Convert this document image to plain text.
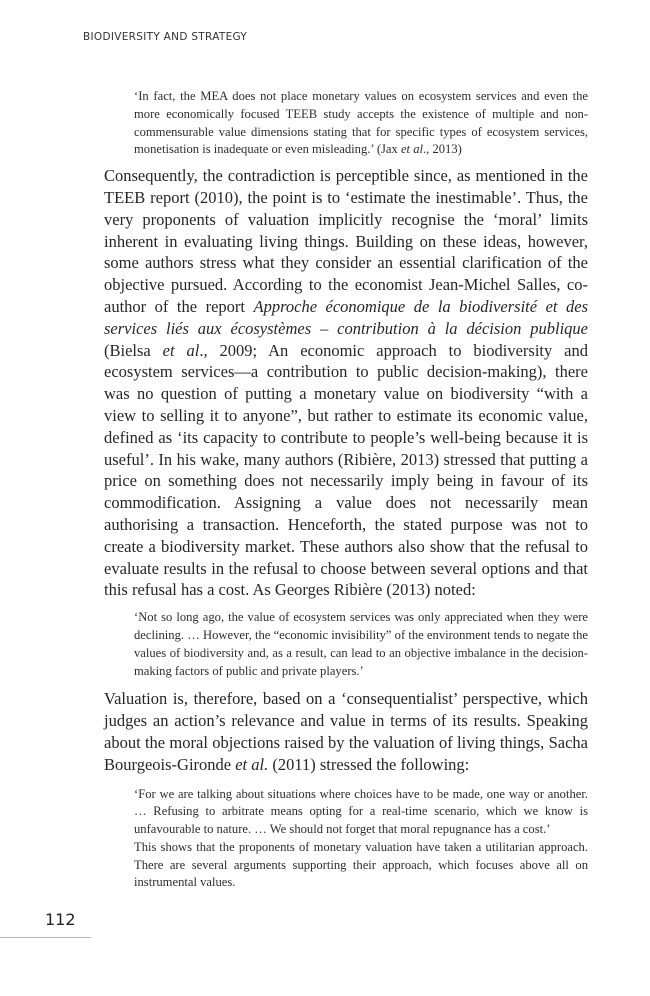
BIODIVERSITY AND STRATEGY

‘In fact, the MEA does not place monetary values on ecosystem services and even the more economically focused TEEB study accepts the existence of multiple and non-commensurable value dimensions stating that for specific types of ecosystem services, monetisation is inadequate or even misleading.’ (Jax et al., 2013)

Consequently, the contradiction is perceptible since, as mentioned in the TEEB report (2010), the point is to ‘estimate the inestimable’. Thus, the very proponents of valuation implicitly recognise the ‘moral’ limits inherent in evaluating living things. Building on these ideas, however, some authors stress what they consider an essential clarification of the objective pursued. According to the economist Jean-Michel Salles, co-author of the report Approche économique de la biodiversité et des services liés aux écosystèmes – contribution à la décision publique (Bielsa et al., 2009; An economic approach to biodiversity and ecosystem services—a contribution to public decision-making), there was no question of putting a monetary value on biodiversity “with a view to selling it to anyone”, but rather to estimate its economic value, defined as ‘its capacity to contribute to people’s well-being because it is useful’. In his wake, many authors (Ribière, 2013) stressed that putting a price on something does not necessarily imply being in favour of its commodification. Assigning a value does not necessarily mean authorising a transaction. Henceforth, the stated purpose was not to create a biodiversity market. These authors also show that the refusal to evaluate results in the refusal to choose between several options and that this refusal has a cost. As Georges Ribière (2013) noted:

‘Not so long ago, the value of ecosystem services was only appreciated when they were declining. … However, the “economic invisibility” of the environment tends to negate the values of biodiversity and, as a result, can lead to an objective imbalance in the decision-making factors of public and private players.’

Valuation is, therefore, based on a ‘consequentialist’ perspective, which judges an action’s relevance and value in terms of its results. Speaking about the moral objections raised by the valuation of living things, Sacha Bourgeois-Gironde et al. (2011) stressed the following:

‘For we are talking about situations where choices have to be made, one way or another. … Refusing to arbitrate means opting for a real-time scenario, which we know is unfavourable to nature. … We should not forget that moral repugnance has a cost.’

This shows that the proponents of monetary valuation have taken a utilitarian approach. There are several arguments supporting their approach, which focuses above all on instrumental values.

112
